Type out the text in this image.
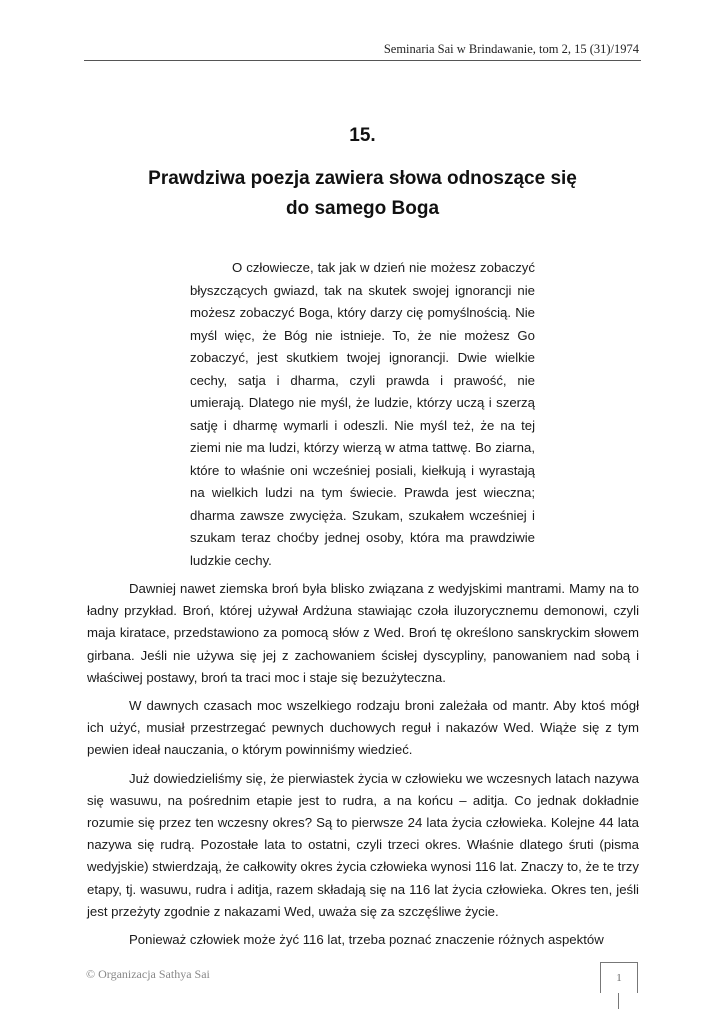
Seminaria Sai w Brindawanie, tom 2, 15 (31)/1974
15.
Prawdziwa poezja zawiera słowa odnoszące się
do samego Boga
O człowiecze, tak jak w dzień nie możesz zobaczyć błyszczących gwiazd, tak na skutek swojej ignorancji nie możesz zobaczyć Boga, który darzy cię pomyślnością. Nie myśl więc, że Bóg nie istnieje. To, że nie możesz Go zobaczyć, jest skutkiem twojej ignorancji. Dwie wielkie cechy, satja i dharma, czyli prawda i prawość, nie umierają. Dlatego nie myśl, że ludzie, którzy uczą i szerzą satję i dharmę wymarli i odeszli. Nie myśl też, że na tej ziemi nie ma ludzi, którzy wierzą w atma tattwę. Bo ziarna, które to właśnie oni wcześniej posiali, kiełkują i wyrastają na wielkich ludzi na tym świecie. Prawda jest wieczna; dharma zawsze zwycięża. Szukam, szukałem wcześniej i szukam teraz choćby jednej osoby, która ma prawdziwie ludzkie cechy.

Dawniej nawet ziemska broń była blisko związana z wedyjskimi mantrami. Mamy na to ładny przykład. Broń, której używał Ardżuna stawiając czoła iluzorycznemu demonowi, czyli maja kiratace, przedstawiono za pomocą słów z Wed. Broń tę określono sanskryckim słowem girbana. Jeśli nie używa się jej z zachowaniem ścisłej dyscypliny, panowaniem nad sobą i właściwej postawy, broń ta traci moc i staje się bezużyteczna.

W dawnych czasach moc wszelkiego rodzaju broni zależała od mantr. Aby ktoś mógł ich użyć, musiał przestrzegać pewnych duchowych reguł i nakazów Wed. Wiąże się z tym pewien ideał nauczania, o którym powinniśmy wiedzieć.

Już dowiedzieliśmy się, że pierwiastek życia w człowieku we wczesnych latach nazywa się wasuwu, na pośrednim etapie jest to rudra, a na końcu – aditja. Co jednak dokładnie rozumie się przez ten wczesny okres? Są to pierwsze 24 lata życia człowieka. Kolejne 44 lata nazywa się rudrą. Pozostałe lata to ostatni, czyli trzeci okres. Właśnie dlatego śruti (pisma wedyjskie) stwierdzają, że całkowity okres życia człowieka wynosi 116 lat. Znaczy to, że te trzy etapy, tj. wasuwu, rudra i aditja, razem składają się na 116 lat życia człowieka. Okres ten, jeśli jest przeżyty zgodnie z nakazami Wed, uważa się za szczęśliwe życie.

Ponieważ człowiek może żyć 116 lat, trzeba poznać znaczenie różnych aspektów

© Organizacja Sathya Sai	1
